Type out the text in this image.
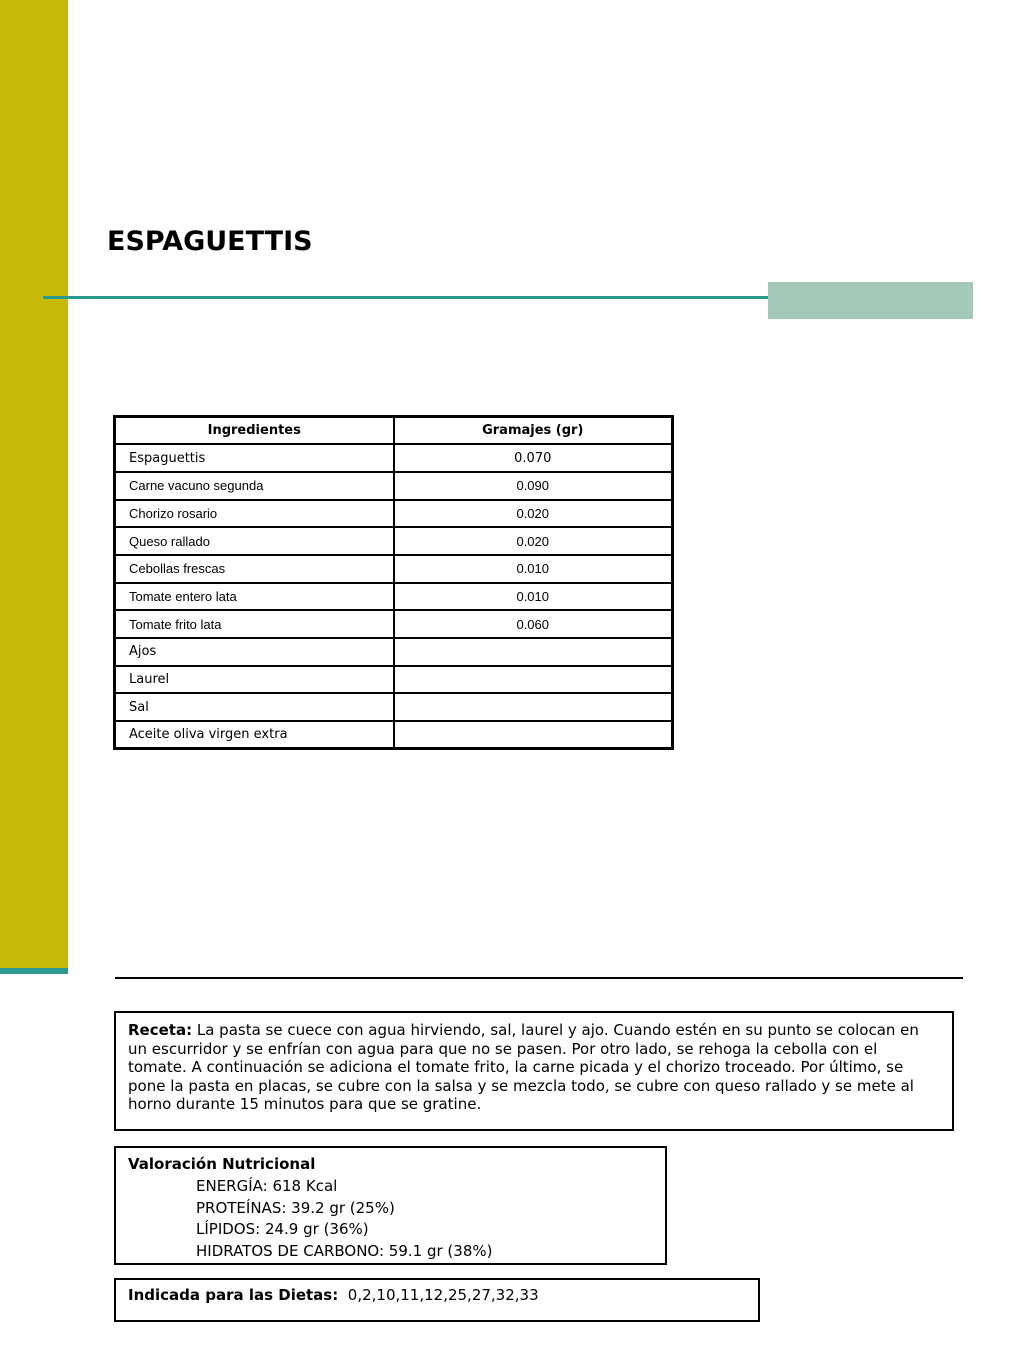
ESPAGUETTIS
Ingredientes	Gramajes (gr)
Espaguettis	0.070
Carne vacuno segunda	0.090
Chorizo rosario	0.020
Queso rallado	0.020
Cebollas frescas	0.010
Tomate entero lata	0.010
Tomate frito lata	0.060
Ajos	
Laurel	
Sal	
Aceite oliva virgen extra	
Receta: La pasta se cuece con agua hirviendo, sal, laurel y ajo. Cuando estén en su punto se colocan en un escurridor y se enfrían con agua para que no se pasen. Por otro lado, se rehoga la cebolla con el tomate. A continuación se adiciona el tomate frito, la carne picada y el chorizo troceado. Por último, se pone la pasta en placas, se cubre con la salsa y se mezcla todo, se cubre con queso rallado y se mete al horno durante 15 minutos para que se gratine.
Valoración Nutricional
ENERGÍA: 618 Kcal
PROTEÍNAS: 39.2 gr (25%)
LÍPIDOS: 24.9 gr (36%)
HIDRATOS DE CARBONO: 59.1 gr (38%)
Indicada para las Dietas: 0,2,10,11,12,25,27,32,33
